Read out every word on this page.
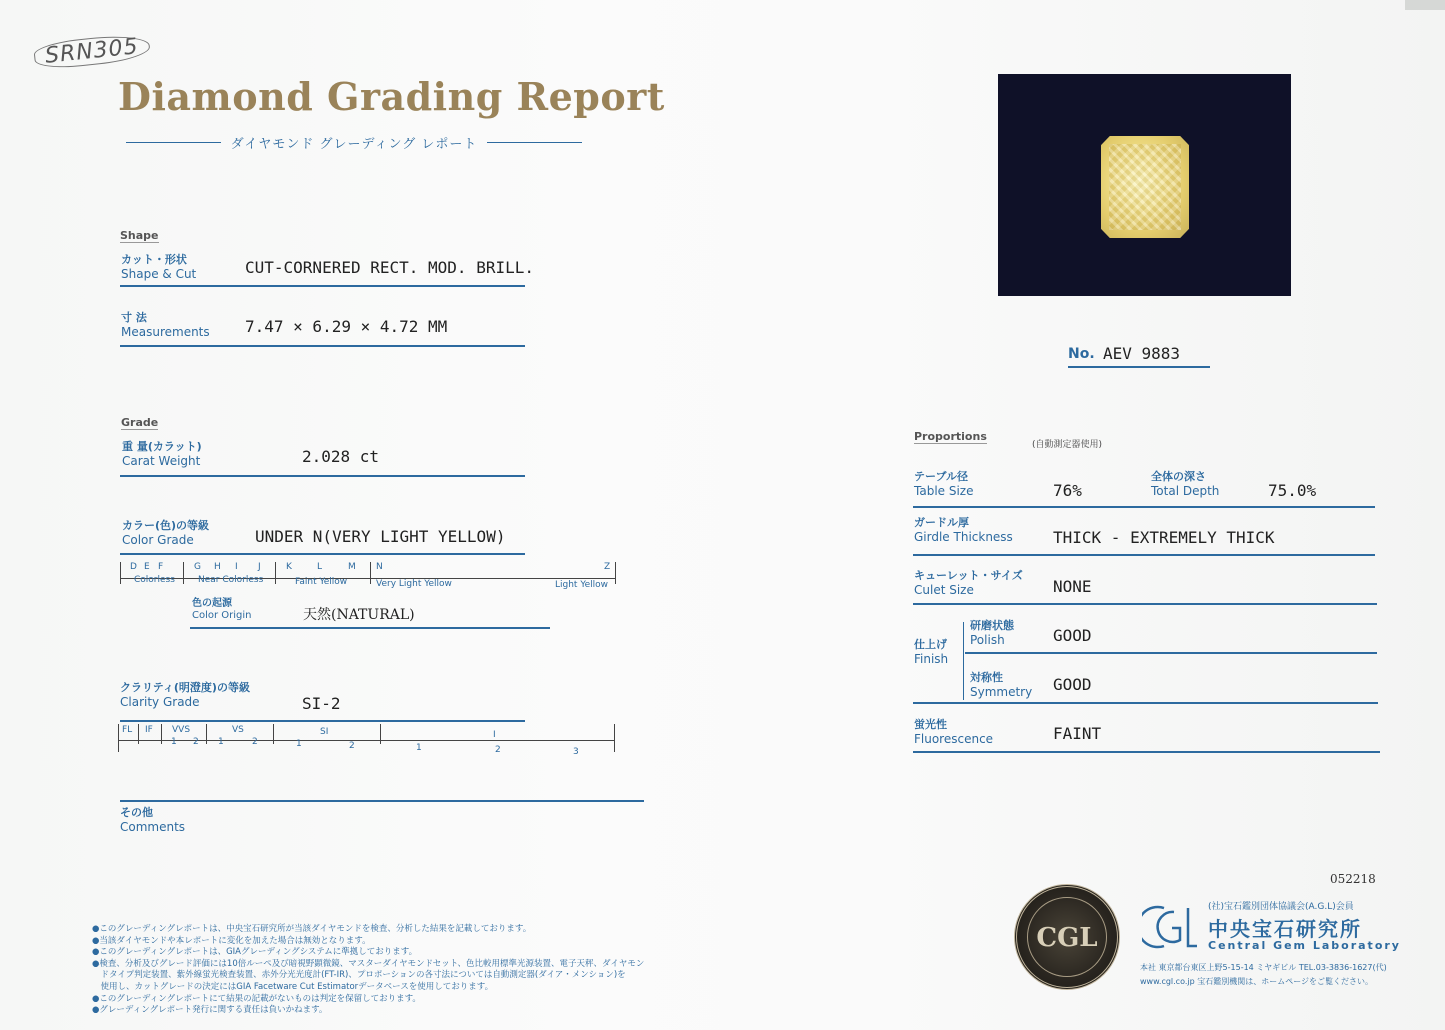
SRN305
Diamond Grading Report
ダイヤモンド グレーディング レポート
Shape
カット・形状
Shape & Cut	CUT-CORNERED RECT. MOD. BRILL.
寸 法
Measurements 7.47 × 6.29 × 4.72 MM
Grade
重 量(カラット)
Carat Weight	2.028 ct
カラー(色)の等級
Color Grade	UNDER N(VERY LIGHT YELLOW)
D E F	G H I J	K	L	M N	Z
Colorless	Near Colorless	Faint Yellow	Very Light Yellow	Light Yellow
色の起源
Color Origin	天然(NATURAL)
クラリティ(明澄度)の等級
Clarity Grade	SI-2
FL IF VVS	VS	SI	I
1 2 1	2	1	2	1	2	3
その他
Comments
No. AEV 9883
Proportions
(自動測定器使用)
テーブル径
Table Size	76%
全体の深さ
Total Depth	75.0%
ガードル厚
Girdle Thickness	THICK - EXTREMELY THICK
キューレット・サイズ
Culet Size	NONE
仕上げ
Finish
研磨状態
Polish	GOOD
対称性
Symmetry GOOD
蛍光性
Fluorescence	FAINT
052218
CGL
(社)宝石鑑別団体協議会(A.G.L)会員
中央宝石研究所
Central Gem Laboratory
本社 東京都台東区上野5-15-14 ミヤギビル TEL.03-3836-1627(代)
www.cgl.co.jp 宝石鑑別機関は、ホームページをご覧ください。
●このグレーディングレポートは、中央宝石研究所が当該ダイヤモンドを検査、分析した結果を記載しております。
●当該ダイヤモンドや本レポートに変化を加えた場合は無効となります。
●このグレーディングレポートは、GIAグレーディングシステムに準拠しております。
●検査、分析及びグレード評価には10倍ルーペ及び暗視野顕微鏡、マスターダイヤモンドセット、色比較用標準光源装置、電子天秤、ダイヤモン
　ドタイプ判定装置、紫外線蛍光検査装置、赤外分光光度計(FT-IR)、プロポーションの各寸法については自動測定器(ダイア・メンション)を
　使用し、カットグレードの決定にはGIA Facetware Cut Estimatorデータベースを使用しております。
●このグレーディングレポートにて結果の記載がないものは判定を保留しております。
●グレーディングレポート発行に関する責任は負いかねます。
